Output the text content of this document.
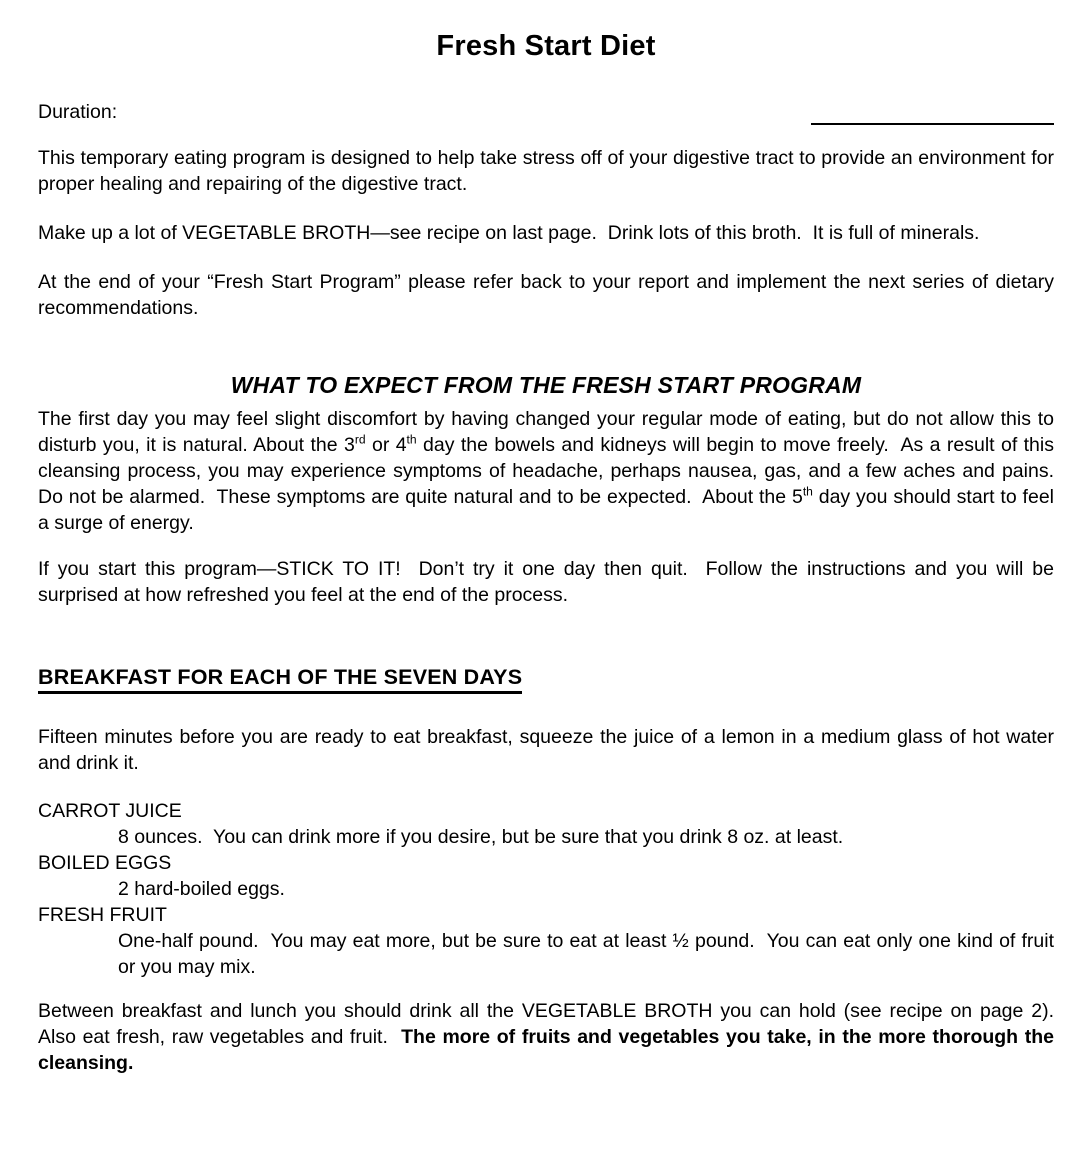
Fresh Start Diet
Duration:

This temporary eating program is designed to help take stress off of your digestive tract to provide an environment for proper healing and repairing of the digestive tract.

Make up a lot of VEGETABLE BROTH—see recipe on last page.  Drink lots of this broth.  It is full of minerals.

At the end of your “Fresh Start Program” please refer back to your report and implement the next series of dietary recommendations.

WHAT TO EXPECT FROM THE FRESH START PROGRAM

The first day you may feel slight discomfort by having changed your regular mode of eating, but do not allow this to disturb you, it is natural. About the 3rd or 4th day the bowels and kidneys will begin to move freely.  As a result of this cleansing process, you may experience symptoms of headache, perhaps nausea, gas, and a few aches and pains.  Do not be alarmed.  These symptoms are quite natural and to be expected.  About the 5th day you should start to feel a surge of energy.

If you start this program—STICK TO IT!  Don’t try it one day then quit.  Follow the instructions and you will be surprised at how refreshed you feel at the end of the process.

BREAKFAST FOR EACH OF THE SEVEN DAYS

Fifteen minutes before you are ready to eat breakfast, squeeze the juice of a lemon in a medium glass of hot water and drink it.

CARROT JUICE
8 ounces.  You can drink more if you desire, but be sure that you drink 8 oz. at least.
BOILED EGGS
2 hard-boiled eggs.
FRESH FRUIT
One-half pound.  You may eat more, but be sure to eat at least ½ pound.  You can eat only one kind of fruit or you may mix.

Between breakfast and lunch you should drink all the VEGETABLE BROTH you can hold (see recipe on page 2).  Also eat fresh, raw vegetables and fruit.  The more of fruits and vegetables you take, in the more thorough the cleansing.
